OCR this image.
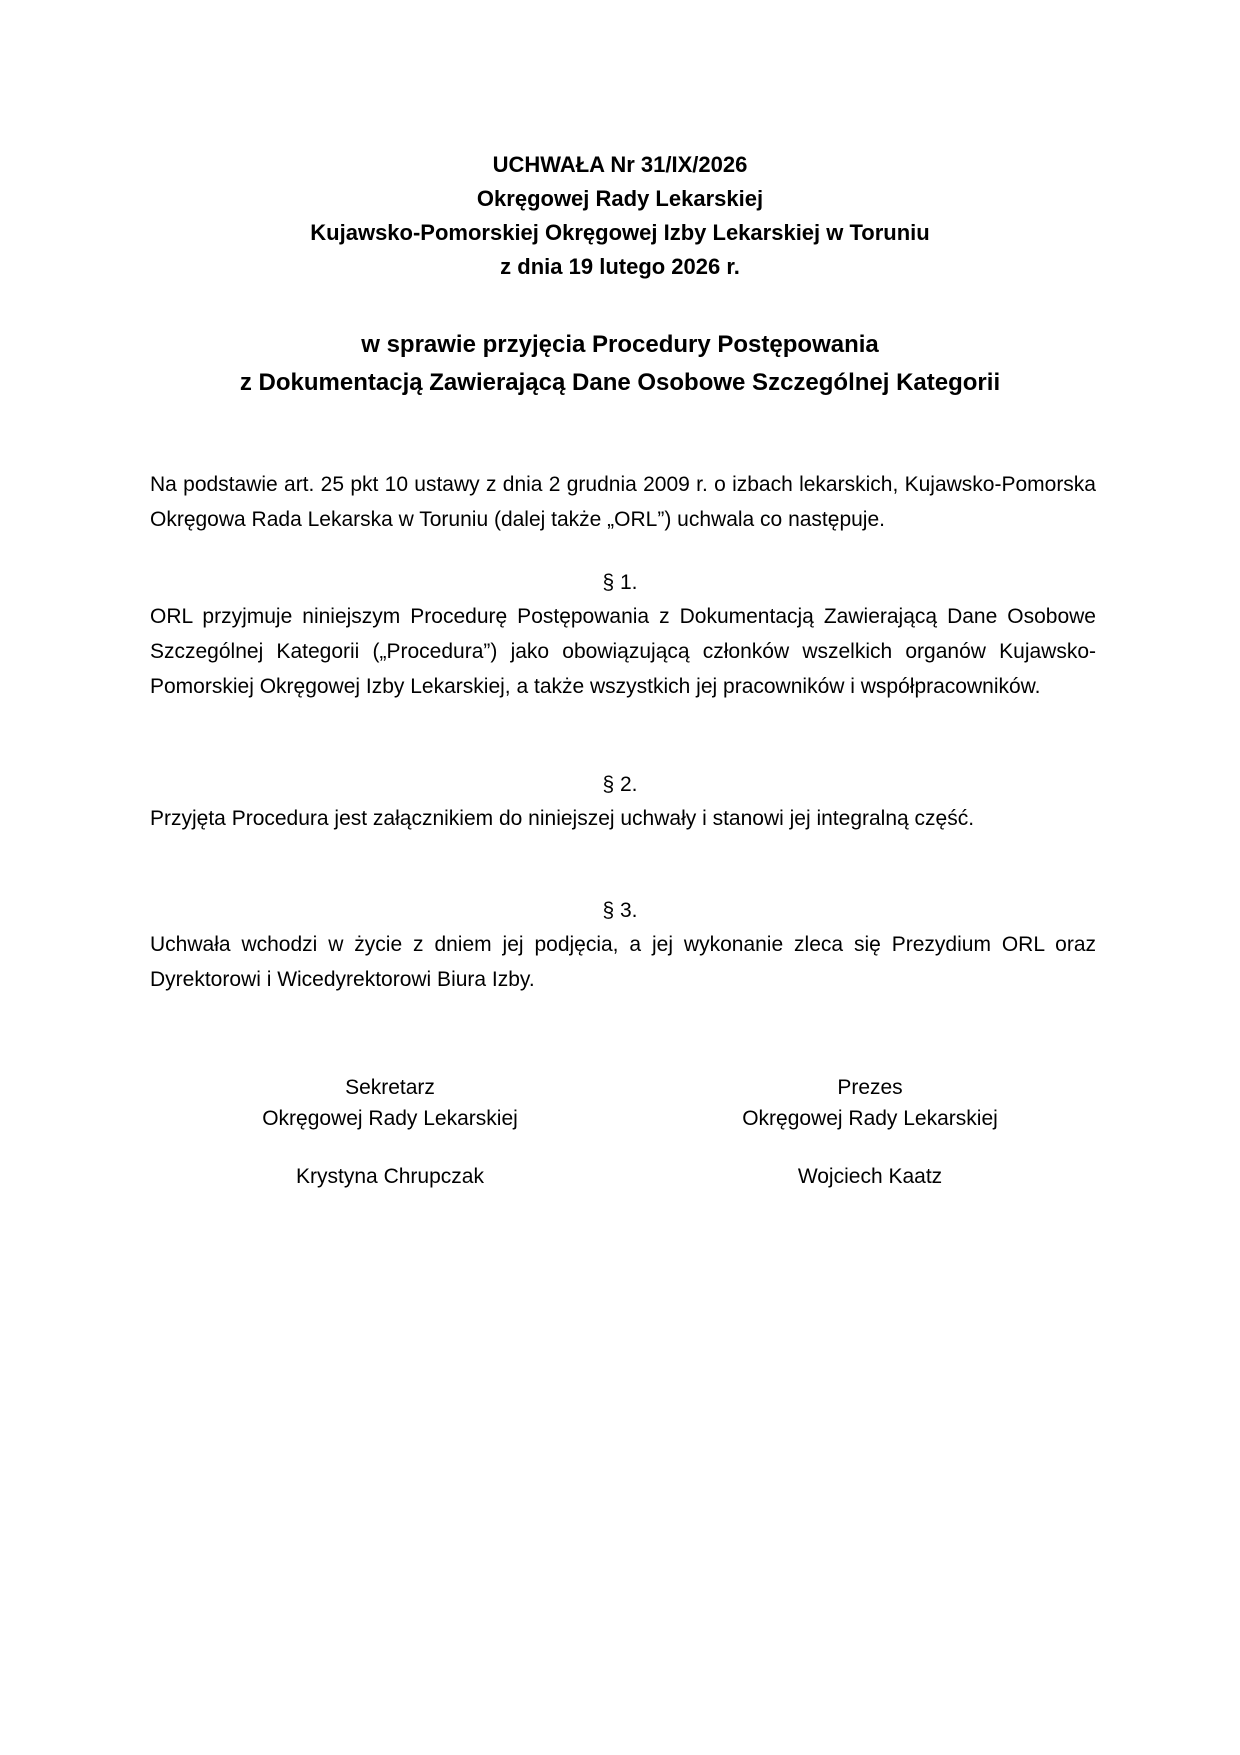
UCHWAŁA Nr 31/IX/2026
Okręgowej Rady Lekarskiej
Kujawsko-Pomorskiej Okręgowej Izby Lekarskiej w Toruniu
z dnia 19 lutego 2026 r.
w sprawie przyjęcia Procedury Postępowania
z Dokumentacją Zawierającą Dane Osobowe Szczególnej Kategorii
Na podstawie art. 25 pkt 10 ustawy z dnia 2 grudnia 2009 r. o izbach lekarskich, Kujawsko-Pomorska Okręgowa Rada Lekarska w Toruniu (dalej także „ORL”) uchwala co następuje.
§ 1.
ORL przyjmuje niniejszym Procedurę Postępowania z Dokumentacją Zawierającą Dane Osobowe Szczególnej Kategorii („Procedura”) jako obowiązującą członków wszelkich organów Kujawsko-Pomorskiej Okręgowej Izby Lekarskiej, a także wszystkich jej pracowników i współpracowników.
§ 2.
Przyjęta Procedura jest załącznikiem do niniejszej uchwały i stanowi jej integralną część.
§ 3.
Uchwała wchodzi w życie z dniem jej podjęcia, a jej wykonanie zleca się Prezydium ORL oraz Dyrektorowi i Wicedyrektorowi Biura Izby.
Sekretarz
Okręgowej Rady Lekarskiej
Krystyna Chrupczak
Prezes
Okręgowej Rady Lekarskiej
Wojciech Kaatz
